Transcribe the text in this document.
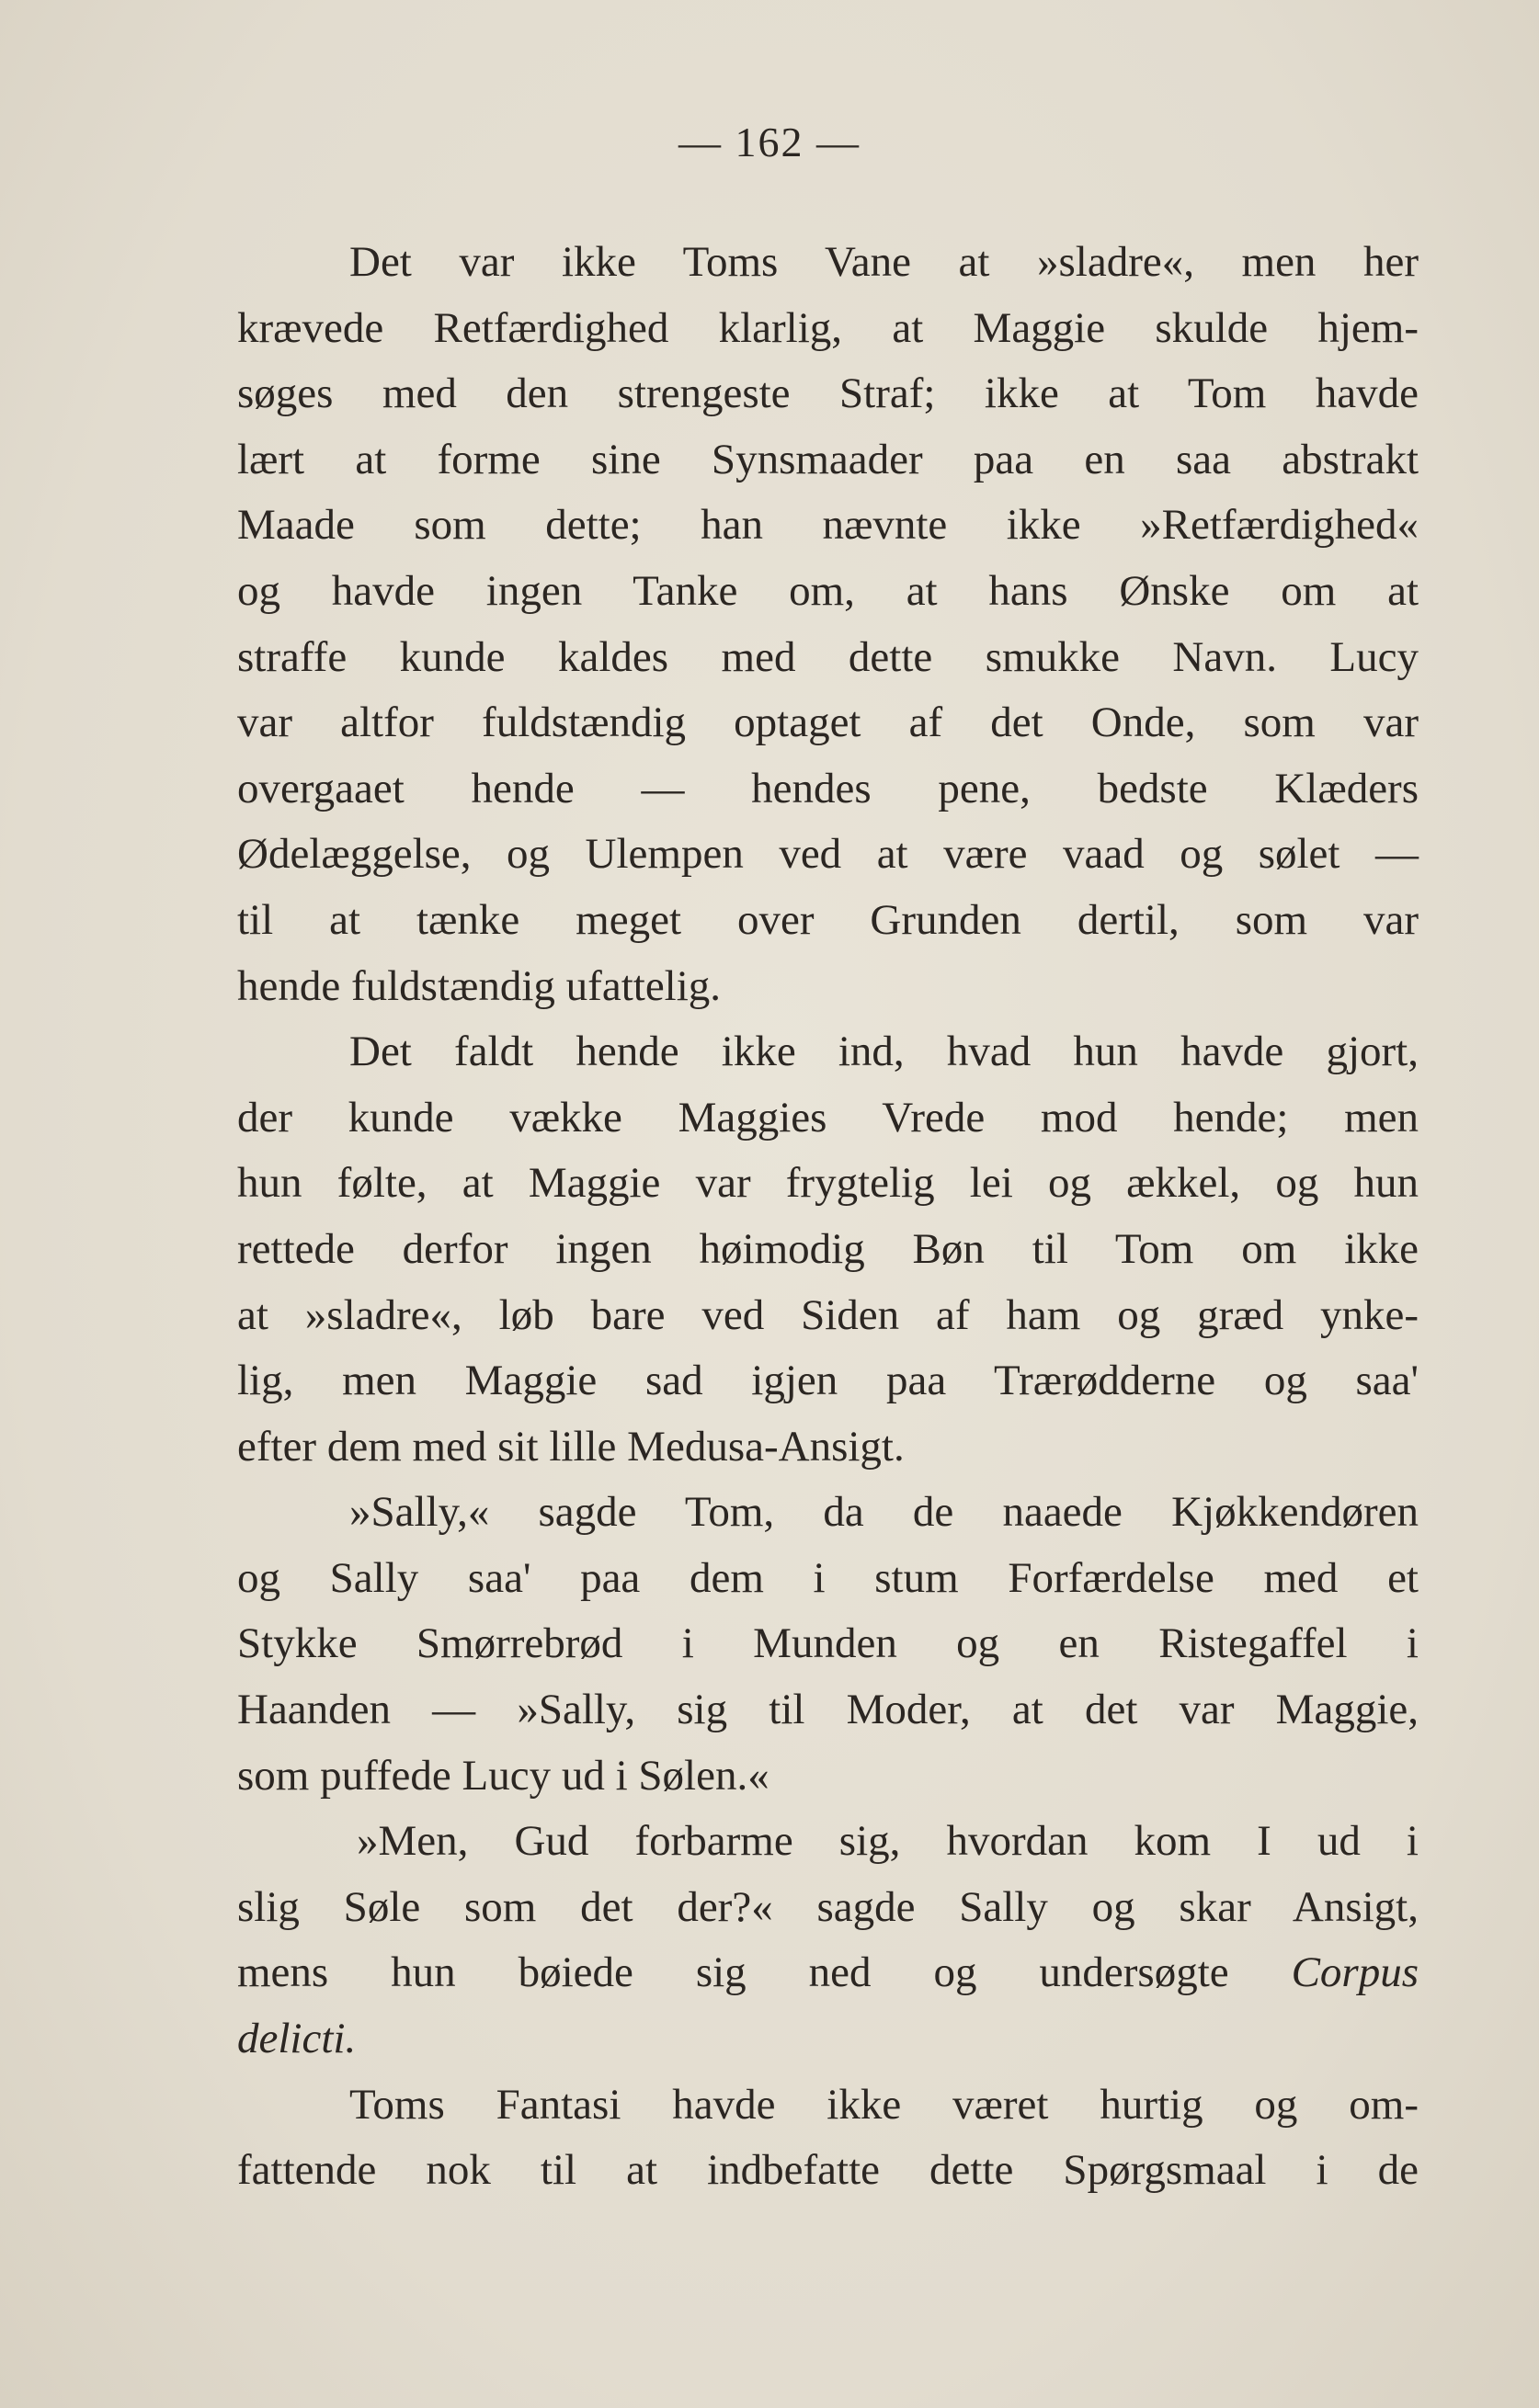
— 162 —
Det var ikke Toms Vane at »sladre«, men her
krævede Retfærdighed klarlig, at Maggie skulde hjem-
søges med den strengeste Straf; ikke at Tom havde
lært at forme sine Synsmaader paa en saa abstrakt
Maade som dette; han nævnte ikke »Retfærdighed«
og havde ingen Tanke om, at hans Ønske om at
straffe kunde kaldes med dette smukke Navn. Lucy
var altfor fuldstændig optaget af det Onde, som var
overgaaet hende — hendes pene, bedste Klæders
Ødelæggelse, og Ulempen ved at være vaad og sølet —
til at tænke meget over Grunden dertil, som var
hende fuldstændig ufattelig.
Det faldt hende ikke ind, hvad hun havde gjort,
der kunde vække Maggies Vrede mod hende; men
hun følte, at Maggie var frygtelig lei og ækkel, og hun
rettede derfor ingen høimodig Bøn til Tom om ikke
at »sladre«, løb bare ved Siden af ham og græd ynke-
lig, men Maggie sad igjen paa Trærødderne og saa'
efter dem med sit lille Medusa-Ansigt.
»Sally,« sagde Tom, da de naaede Kjøkkendøren
og Sally saa' paa dem i stum Forfærdelse med et
Stykke Smørrebrød i Munden og en Ristegaffel i
Haanden — »Sally, sig til Moder, at det var Maggie,
som puffede Lucy ud i Sølen.«
»Men, Gud forbarme sig, hvordan kom I ud i
slig Søle som det der?« sagde Sally og skar Ansigt,
mens hun bøiede sig ned og undersøgte Corpus
delicti.
Toms Fantasi havde ikke været hurtig og om-
fattende nok til at indbefatte dette Spørgsmaal i de
